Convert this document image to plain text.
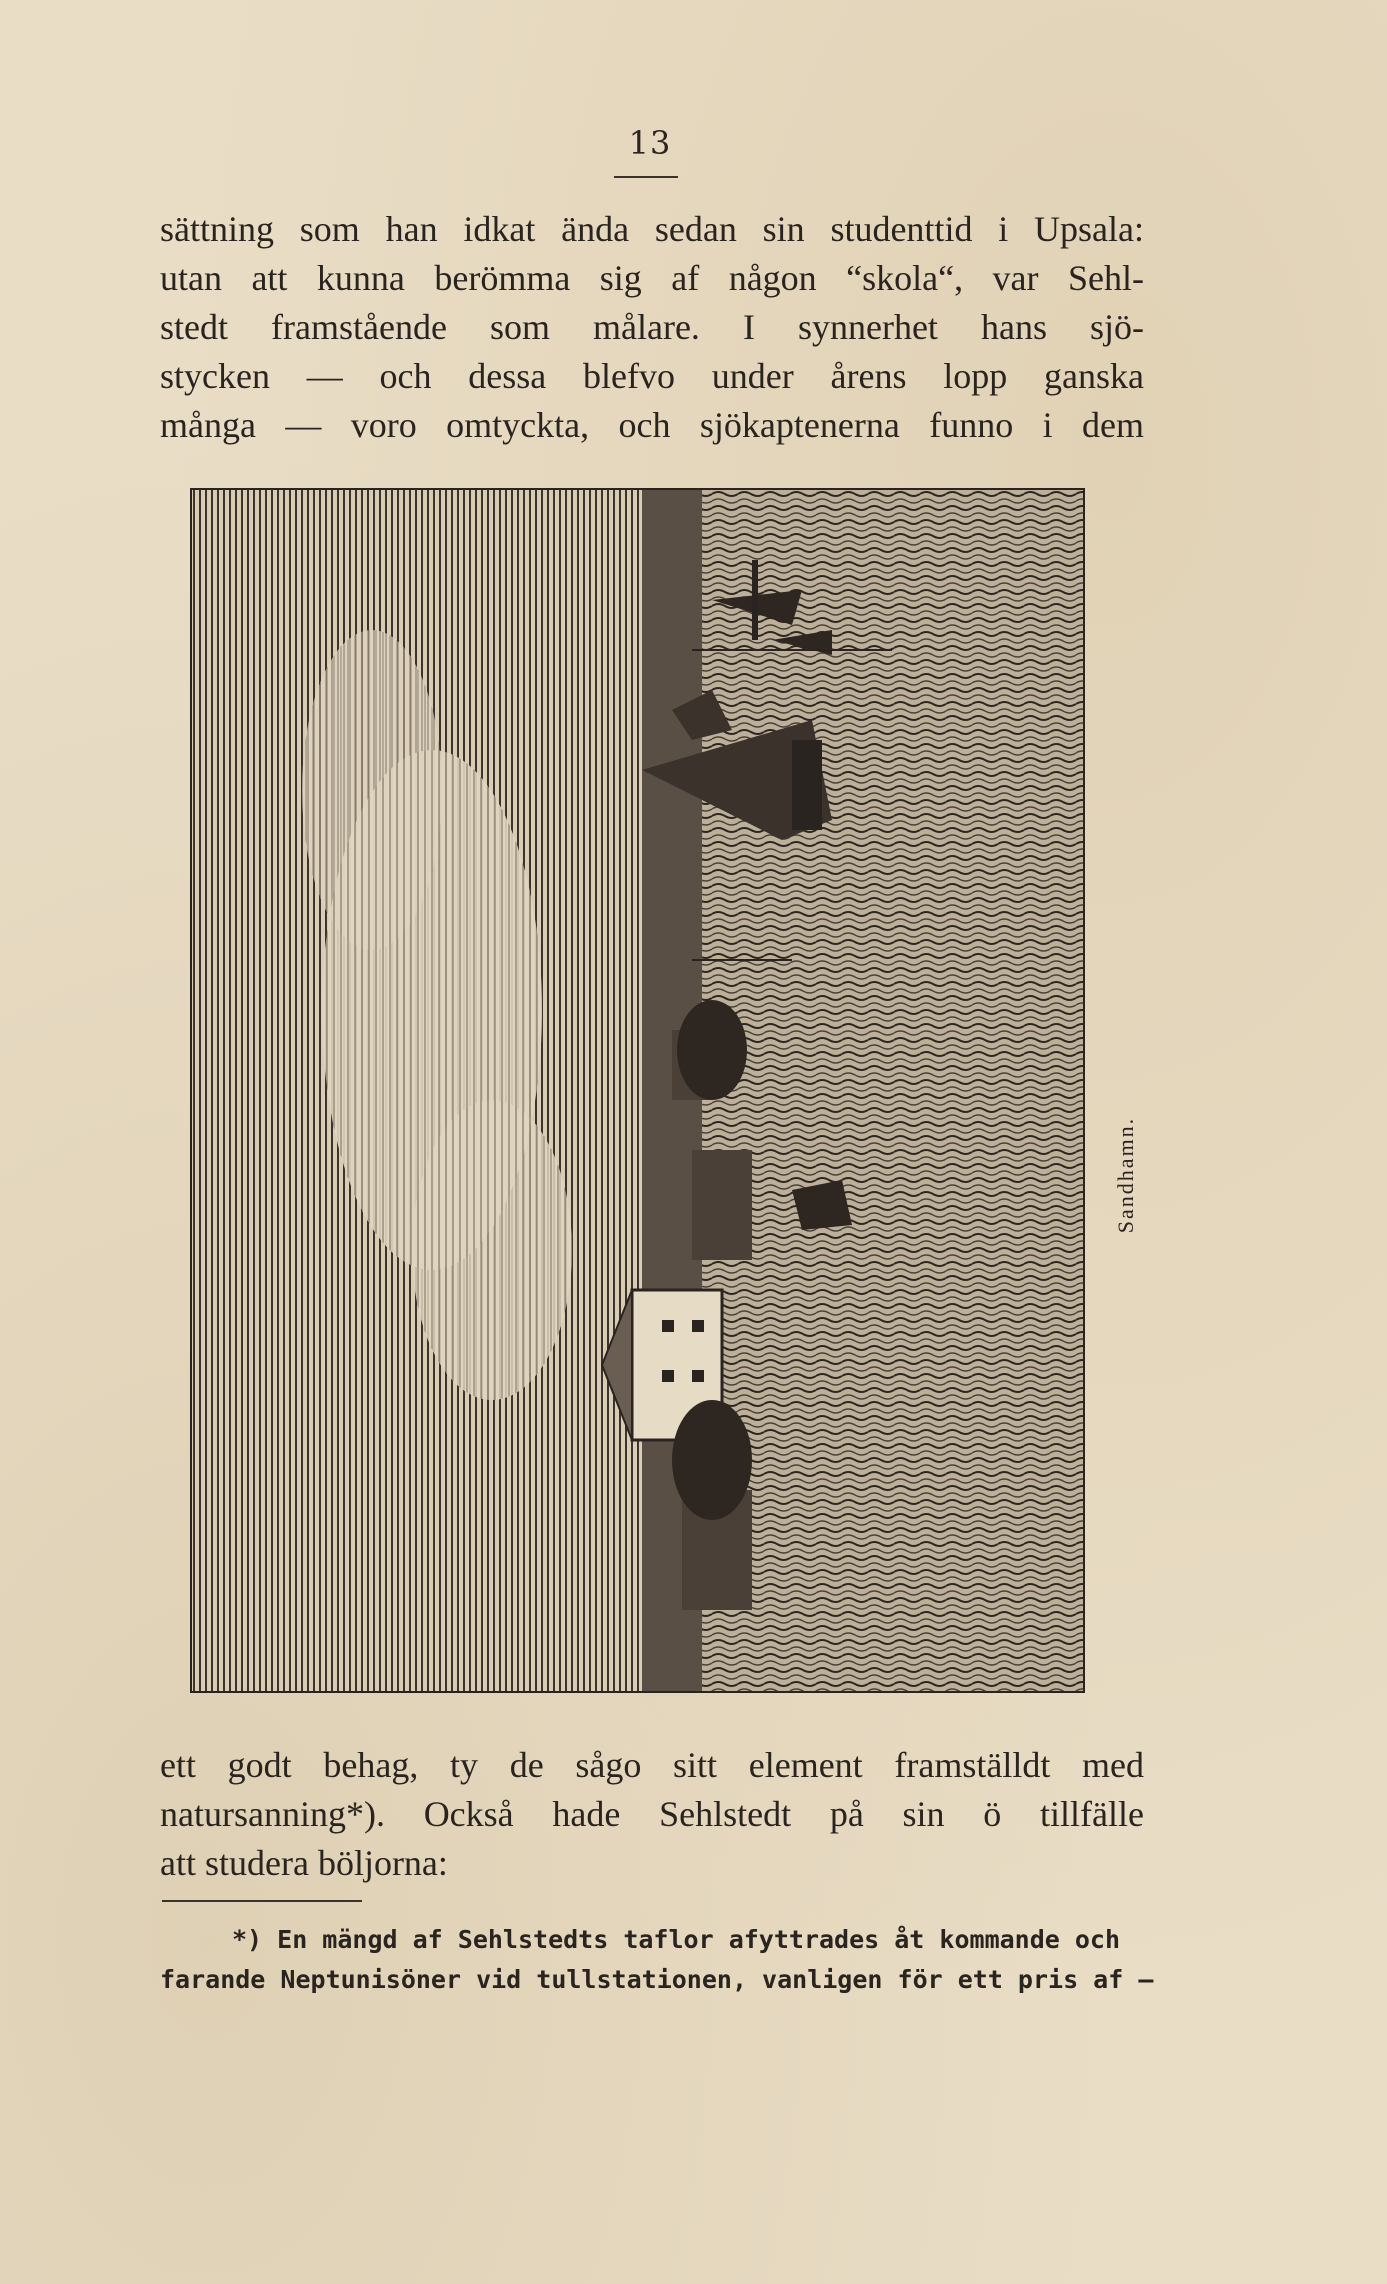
13
sättning som han idkat ända sedan sin studenttid i Upsala:
utan att kunna berömma sig af någon “skola“, var Sehl-
stedt framstående som målare. I synnerhet hans sjö-
stycken — och dessa blefvo under årens lopp ganska
många — voro omtyckta, och sjökaptenerna funno i dem
Sandhamn.
ett godt behag, ty de sågo sitt element framställdt med
natursanning*). Också hade Sehlstedt på sin ö tillfälle
att studera böljorna:
*) En mängd af Sehlstedts taflor afyttrades åt kommande och
farande Neptunisöner vid tullstationen, vanligen för ett pris af —
